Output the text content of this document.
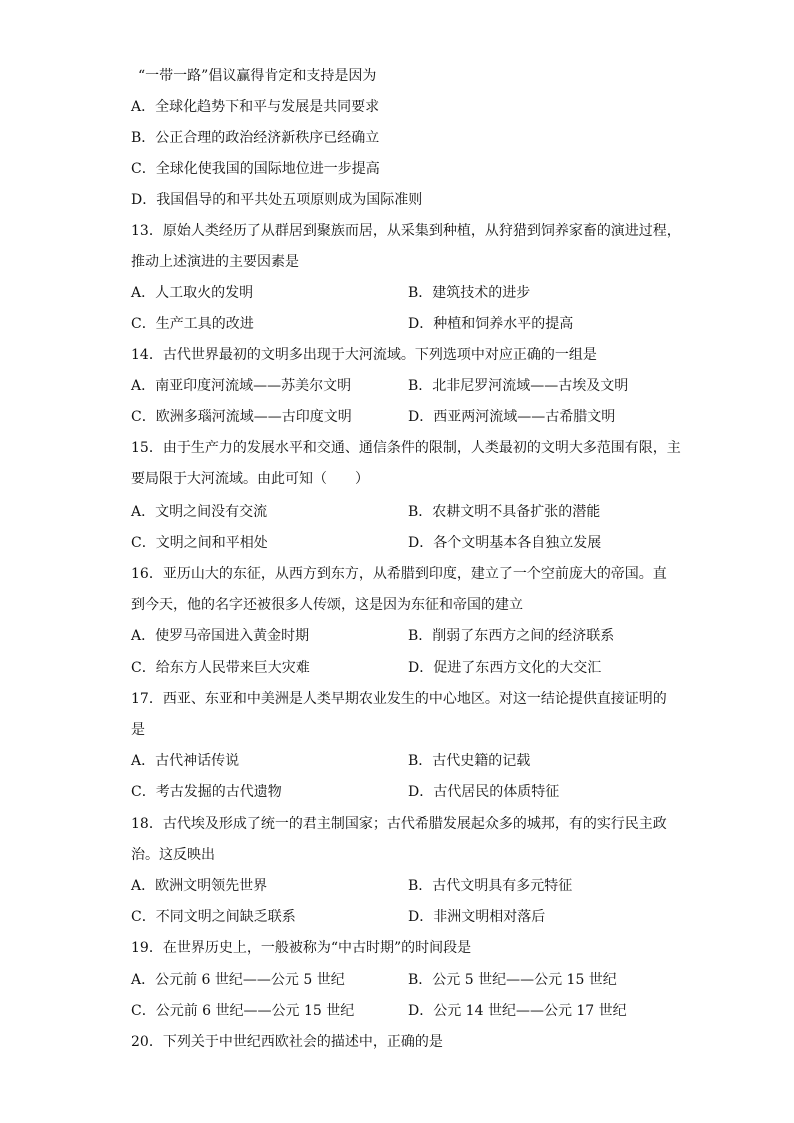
“一带一路”倡议赢得肯定和支持是因为
A．全球化趋势下和平与发展是共同要求
B．公正合理的政治经济新秩序已经确立
C．全球化使我国的国际地位进一步提高
D．我国倡导的和平共处五项原则成为国际准则
13．原始人类经历了从群居到聚族而居，从采集到种植，从狩猎到饲养家畜的演进过程，
推动上述演进的主要因素是
A．人工取火的发明	B．建筑技术的进步
C．生产工具的改进	D．种植和饲养水平的提高
14．古代世界最初的文明多出现于大河流域。下列选项中对应正确的一组是
A．南亚印度河流域——苏美尔文明	B．北非尼罗河流域——古埃及文明
C．欧洲多瑙河流域——古印度文明	D．西亚两河流域——古希腊文明
15．由于生产力的发展水平和交通、通信条件的限制，人类最初的文明大多范围有限，主
要局限于大河流域。由此可知（　　）
A．文明之间没有交流	B．农耕文明不具备扩张的潜能
C．文明之间和平相处	D．各个文明基本各自独立发展
16．亚历山大的东征，从西方到东方，从希腊到印度，建立了一个空前庞大的帝国。直
到今天，他的名字还被很多人传颂，这是因为东征和帝国的建立
A．使罗马帝国进入黄金时期	B．削弱了东西方之间的经济联系
C．给东方人民带来巨大灾难	D．促进了东西方文化的大交汇
17．西亚、东亚和中美洲是人类早期农业发生的中心地区。对这一结论提供直接证明的
是
A．古代神话传说	B．古代史籍的记载
C．考古发掘的古代遗物	D．古代居民的体质特征
18．古代埃及形成了统一的君主制国家；古代希腊发展起众多的城邦，有的实行民主政
治。这反映出
A．欧洲文明领先世界	B．古代文明具有多元特征
C．不同文明之间缺乏联系	D．非洲文明相对落后
19．在世界历史上，一般被称为“中古时期”的时间段是
A．公元前 6 世纪——公元 5 世纪	B．公元 5 世纪——公元 15 世纪
C．公元前 6 世纪——公元 15 世纪	D．公元 14 世纪——公元 17 世纪
20．下列关于中世纪西欧社会的描述中，正确的是
